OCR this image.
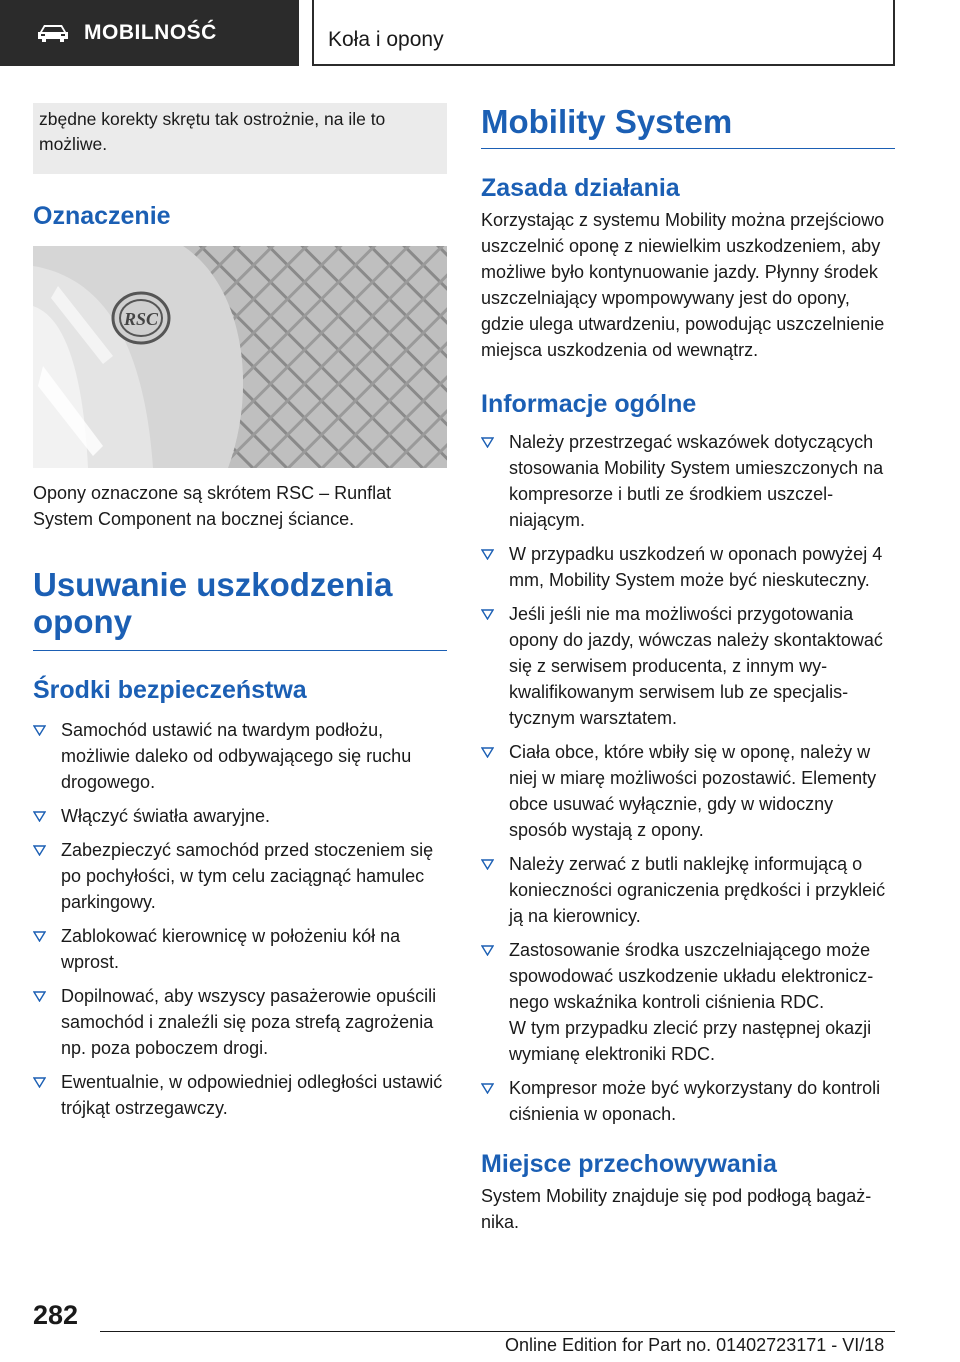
MOBILNOŚĆ	Koła i opony
zbędne korekty skrętu tak ostrożnie, na ile to możliwe.
Oznaczenie
RSC
Opony oznaczone są skrótem RSC – Runflat System Component na bocznej ściance.
Usuwanie uszkodzenia opony
Środki bezpieczeństwa
Samochód ustawić na twardym podłożu, możliwie daleko od odbywającego się ruchu drogowego.
Włączyć światła awaryjne.
Zabezpieczyć samochód przed stoczeniem się po pochyłości, w tym celu zaciągnąć hamulec parkingowy.
Zablokować kierownicę w położeniu kół na wprost.
Dopilnować, aby wszyscy pasażerowie opuścili samochód i znaleźli się poza strefą zagrożenia np. poza poboczem drogi.
Ewentualnie, w odpowiedniej odległości ustawić trójkąt ostrzegawczy.
Mobility System
Zasada działania
Korzystając z systemu Mobility można przejściowo uszczelnić oponę z niewielkim uszkodzeniem, aby możliwe było kontynuowanie jazdy. Płynny środek uszczelniający wpompowywany jest do opony, gdzie ulega utwardzeniu, powodując uszczelnienie miejsca uszkodzenia od wewnątrz.
Informacje ogólne
Należy przestrzegać wskazówek dotyczących stosowania Mobility System umieszczonych na kompresorze i butli ze środkiem uszczelniającym.
W przypadku uszkodzeń w oponach powyżej 4 mm, Mobility System może być nieskuteczny.
Jeśli jeśli nie ma możliwości przygotowania opony do jazdy, wówczas należy skontaktować się z serwisem producenta, z innym wykwalifikowanym serwisem lub ze specjalistycznym warsztatem.
Ciała obce, które wbiły się w oponę, należy w niej w miarę możliwości pozostawić. Elementy obce usuwać wyłącznie, gdy w widoczny sposób wystają z opony.
Należy zerwać z butli naklejkę informującą o konieczności ograniczenia prędkości i przykleić ją na kierownicy.
Zastosowanie środka uszczelniającego może spowodować uszkodzenie układu elektronicznego wskaźnika kontroli ciśnienia RDC.
W tym przypadku zlecić przy następnej okazji wymianę elektroniki RDC.
Kompresor może być wykorzystany do kontroli ciśnienia w oponach.
Miejsce przechowywania
System Mobility znajduje się pod podłogą bagażnika.
282
Online Edition for Part no. 01402723171 - VI/18
